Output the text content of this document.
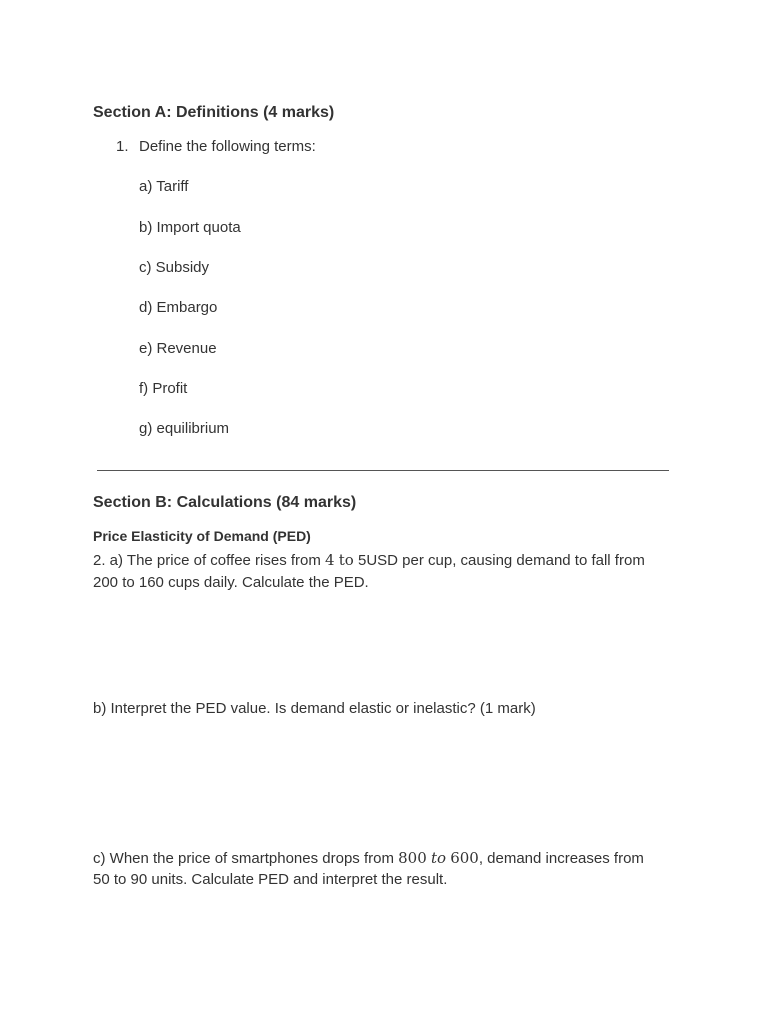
Section A: Definitions (4 marks)
1. Define the following terms:
a) Tariff
b) Import quota
c) Subsidy
d) Embargo
e) Revenue
f) Profit
g) equilibrium
Section B: Calculations (84 marks)
Price Elasticity of Demand (PED)
2. a) The price of coffee rises from 4 to 5USD per cup, causing demand to fall from
200 to 160 cups daily. Calculate the PED.
b) Interpret the PED value. Is demand elastic or inelastic? (1 mark)
c) When the price of smartphones drops from 800 to 600, demand increases from
50 to 90 units. Calculate PED and interpret the result.
